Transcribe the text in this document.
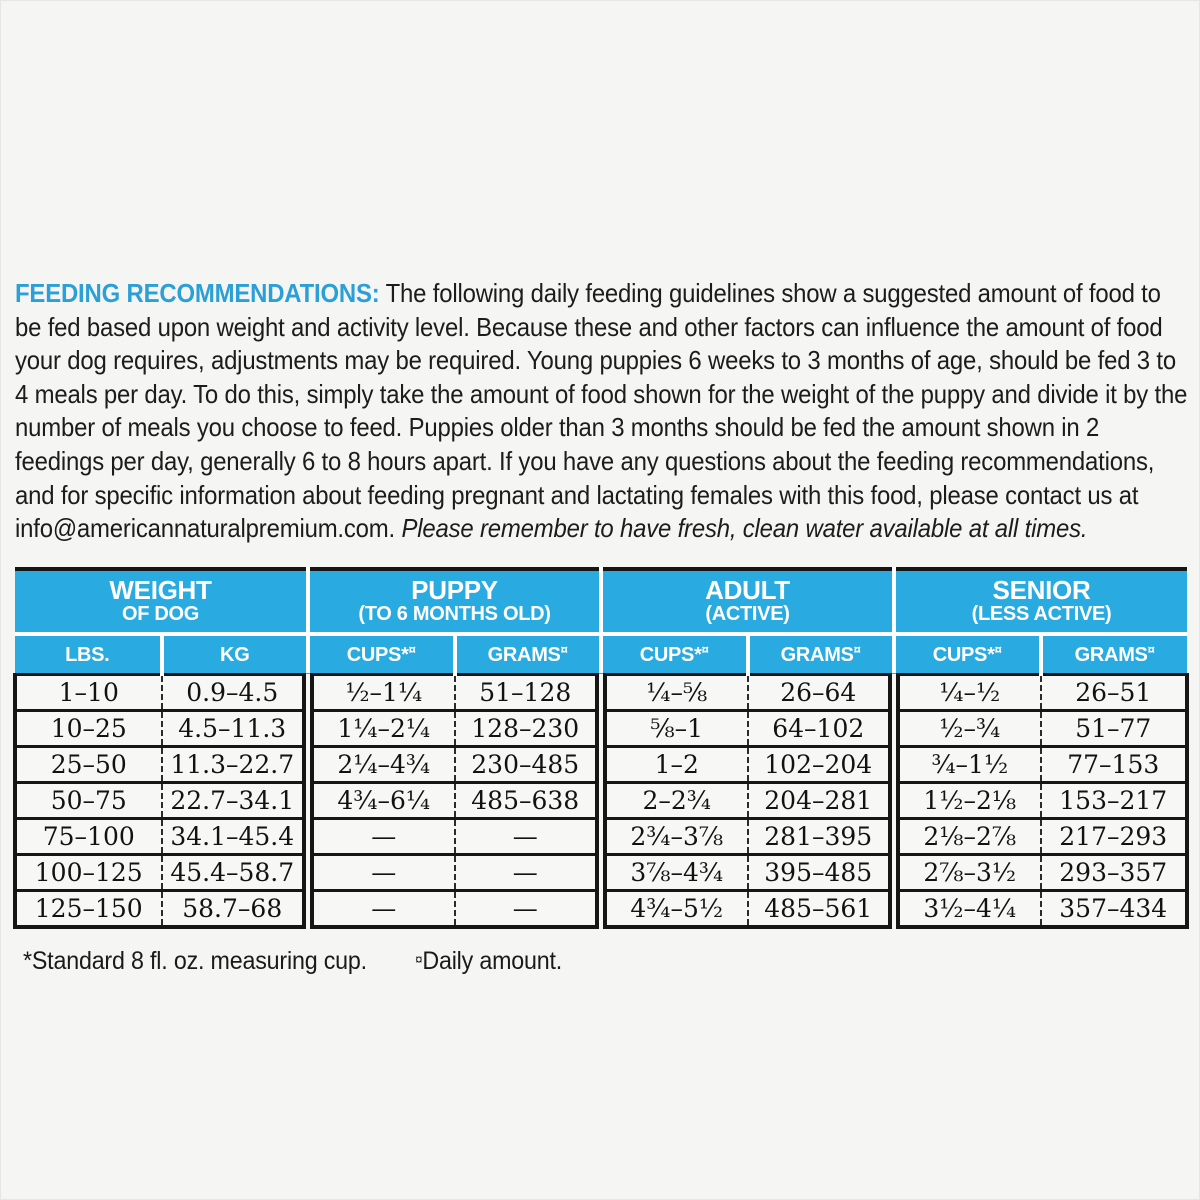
FEEDING RECOMMENDATIONS: The following daily feeding guidelines show a suggested amount of food to be fed based upon weight and activity level. Because these and other factors can influence the amount of food your dog requires, adjustments may be required. Young puppies 6 weeks to 3 months of age, should be fed 3 to 4 meals per day. To do this, simply take the amount of food shown for the weight of the puppy and divide it by the number of meals you choose to feed. Puppies older than 3 months should be fed the amount shown in 2 feedings per day, generally 6 to 8 hours apart. If you have any questions about the feeding recommendations, and for specific information about feeding pregnant and lactating females with this food, please contact us at info@americannaturalpremium.com. Please remember to have fresh, clean water available at all times.

WEIGHT
OF DOG

PUPPY
(TO 6 MONTHS OLD)

ADULT
(ACTIVE)

SENIOR
(LESS ACTIVE)

LBS.	KG	CUPS*¤	GRAMS¤	CUPS*¤	GRAMS¤	CUPS*¤	GRAMS¤
1–10	0.9–4.5	½–1¼	51–128	¼–⅝	26–64	¼–½	26–51
10–25	4.5–11.3	1¼–2¼	128–230	⅝–1	64–102	½–¾	51–77
25–50	11.3–22.7	2¼–4¾	230–485	1–2	102–204	¾–1½	77–153
50–75	22.7–34.1	4¾–6¼	485–638	2–2¾	204–281	1½–2⅛	153–217
75–100	34.1–45.4	—	—	2¾–3⅞	281–395	2⅛–2⅞	217–293
100–125	45.4–58.7	—	—	3⅞–4¾	395–485	2⅞–3½	293–357
125–150	58.7–68	—	—	4¾–5½	485–561	3½–4¼	357–434

*Standard 8 fl. oz. measuring cup.	¤Daily amount.
